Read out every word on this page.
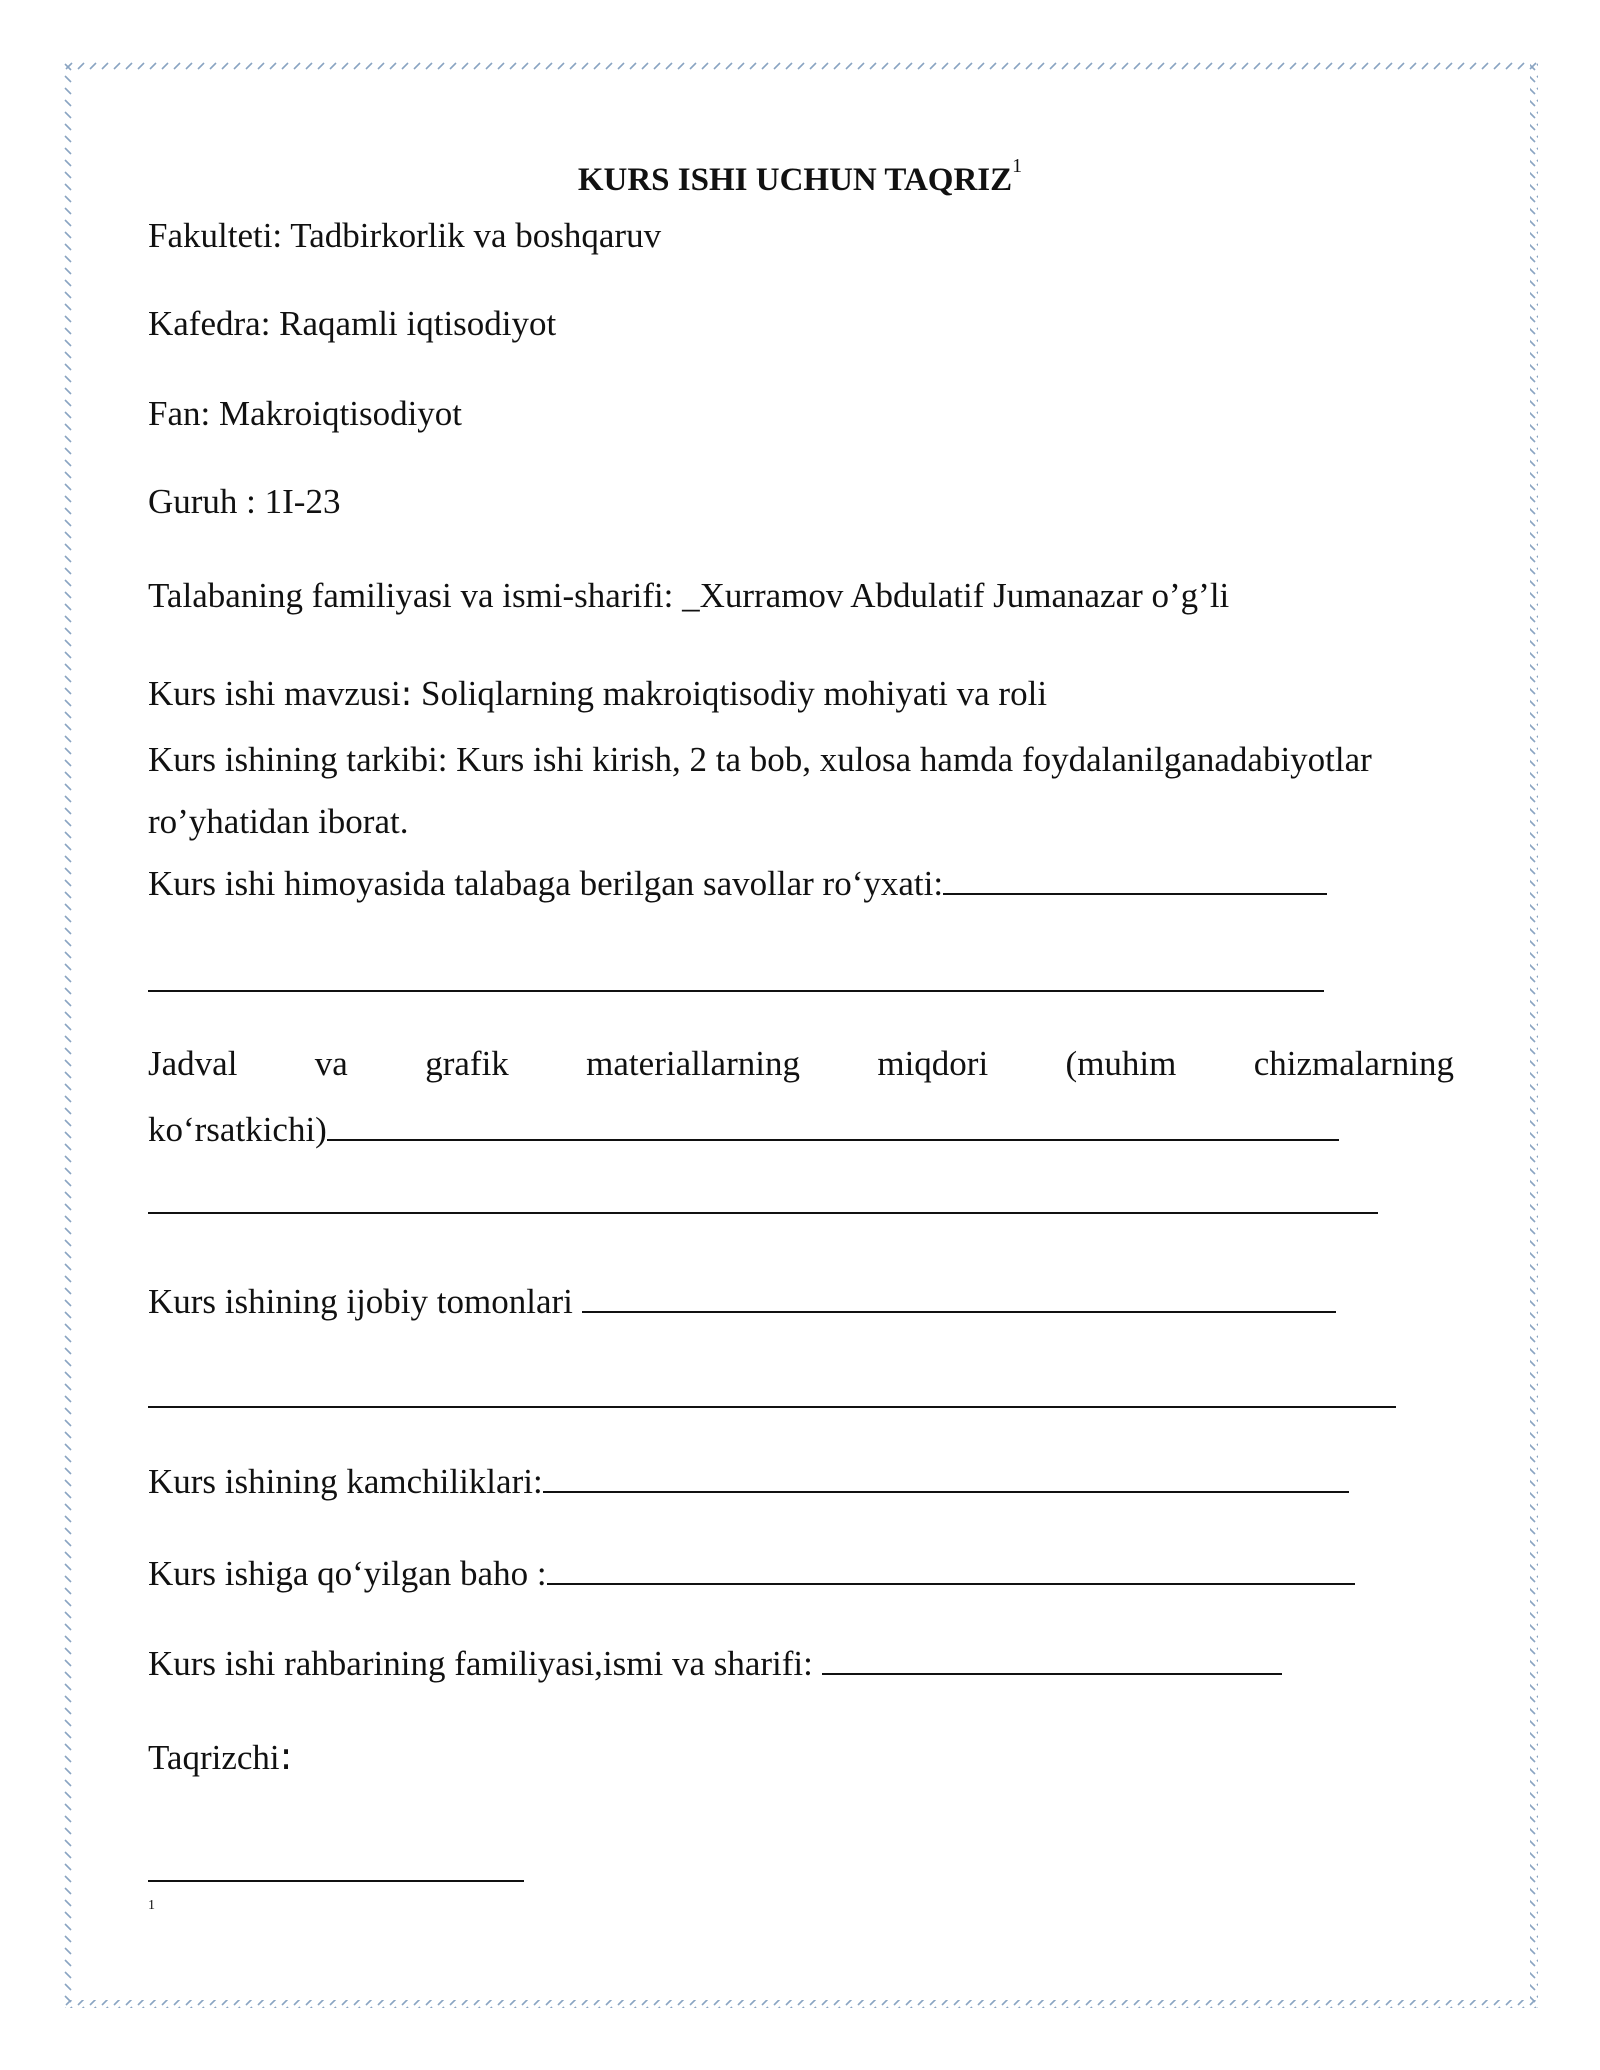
KURS ISHI UCHUN TAQRIZ$^1$
Fakulteti: Tadbirkorlik va boshqaruv
Kafedra: Raqamli iqtisodiyot
Fan: Makroiqtisodiyot
Guruh : 1I-23
Talabaning familiyasi va ismi-sharifi: _Xurramov Abdulatif Jumanazar o’g’li
Kurs ishi mavzusi: Soliqlarning makroiqtisodiy mohiyati va roli
Kurs ishining tarkibi: Kurs ishi kirish, 2 ta bob, xulosa hamda foydalanilganadabiyotlar
ro’yhatidan iborat.
Kurs ishi himoyasida talabaga berilgan savollar ro‘yxati:
Jadval va grafik materiallarning miqdori (muhim chizmalarning
ko‘rsatkichi)
Kurs ishining ijobiy tomonlari
Kurs ishining kamchiliklari:
Kurs ishiga qo‘yilgan baho :
Kurs ishi rahbarining familiyasi,ismi va sharifi:
Taqrizchi:
1
